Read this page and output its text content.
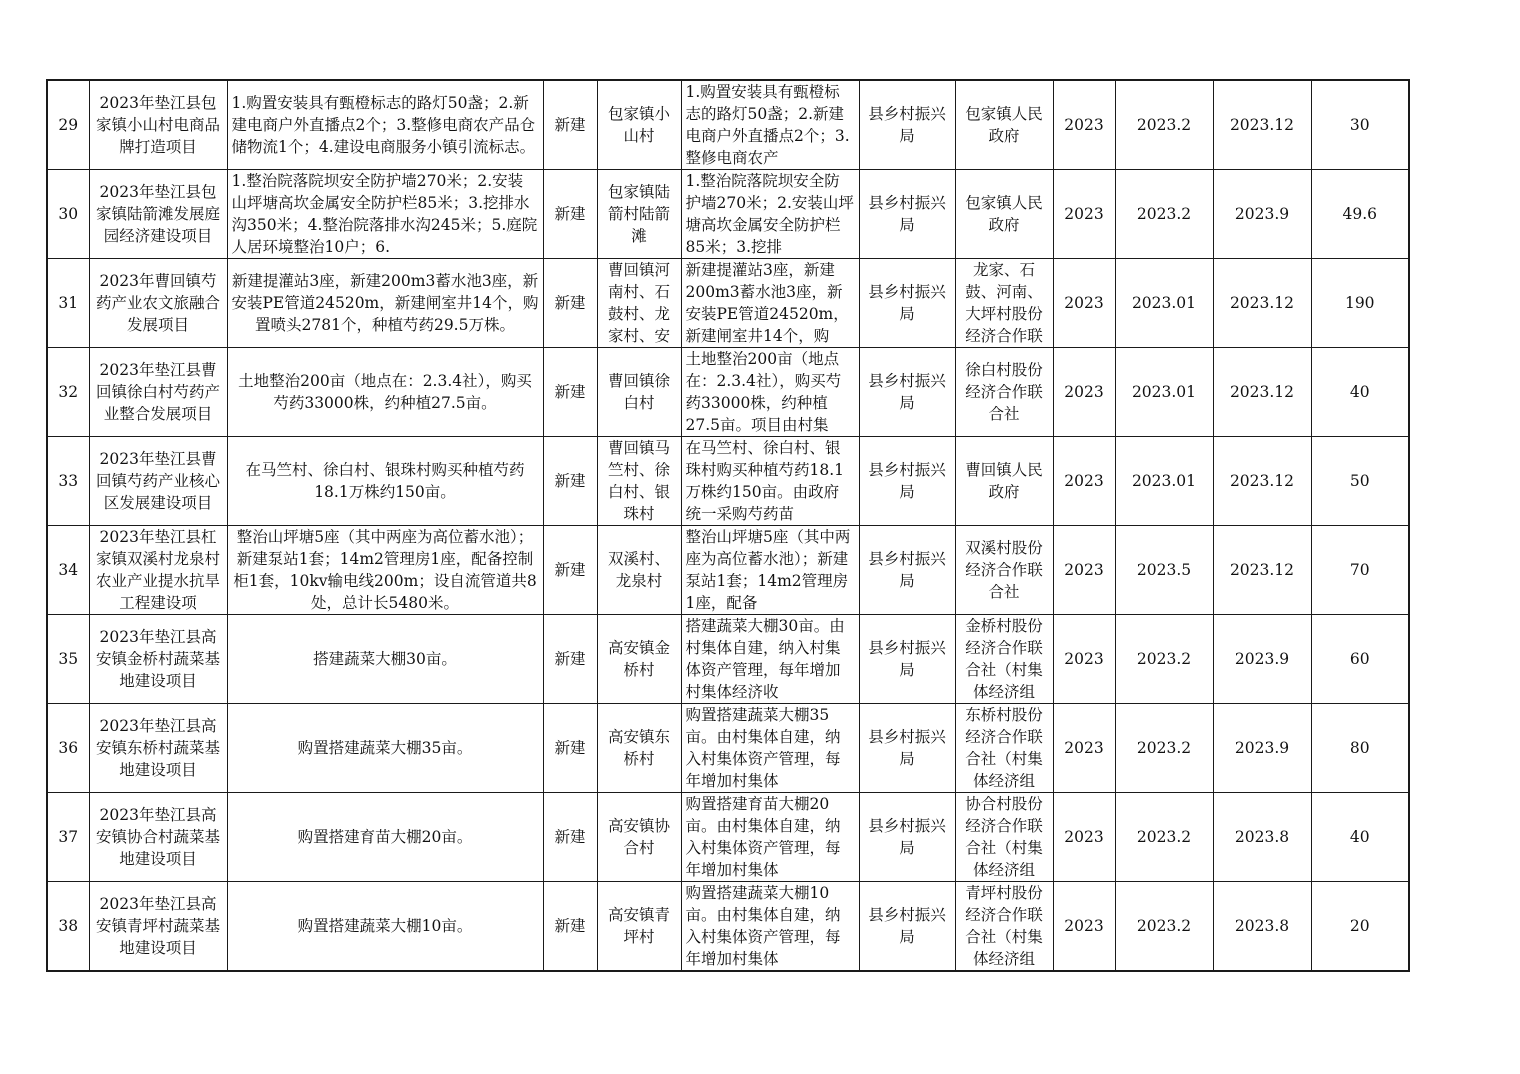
29	2023年垫江县包家镇小山村电商品牌打造项目	1.购置安装具有甄橙标志的路灯50盏；2.新建电商户外直播点2个；3.整修电商农产品仓储物流1个；4.建设电商服务小镇引流标志。	新建	包家镇小山村	1.购置安装具有甄橙标志的路灯50盏；2.新建电商户外直播点2个；3.整修电商农产	县乡村振兴局	包家镇人民政府	2023	2023.2	2023.12	30

30	2023年垫江县包家镇陆箭滩发展庭园经济建设项目	1.整治院落院坝安全防护墙270米；2.安装山坪塘高坎金属安全防护栏85米；3.挖排水沟350米；4.整治院落排水沟245米；5.庭院人居环境整治10户；6.	新建	包家镇陆箭村陆箭滩	1.整治院落院坝安全防护墙270米；2.安装山坪塘高坎金属安全防护栏85米；3.挖排	县乡村振兴局	包家镇人民政府	2023	2023.2	2023.9	49.6

31	2023年曹回镇芍药产业农文旅融合发展项目	新建提灌站3座，新建200m3蓄水池3座，新安装PE管道24520m，新建闸室井14个，购置喷头2781个，种植芍药29.5万株。	新建	曹回镇河南村、石鼓村、龙家村、安	新建提灌站3座，新建200m3蓄水池3座，新安装PE管道24520m，新建闸室井14个，购	县乡村振兴局	龙家、石鼓、河南、大坪村股份经济合作联	2023	2023.01	2023.12	190

32	2023年垫江县曹回镇徐白村芍药产业整合发展项目	土地整治200亩（地点在：2.3.4社），购买芍药33000株，约种植27.5亩。	新建	曹回镇徐白村	土地整治200亩（地点在：2.3.4社），购买芍药33000株，约种植27.5亩。项目由村集	县乡村振兴局	徐白村股份经济合作联合社	2023	2023.01	2023.12	40

33	2023年垫江县曹回镇芍药产业核心区发展建设项目	在马竺村、徐白村、银珠村购买种植芍药18.1万株约150亩。	新建	曹回镇马竺村、徐白村、银珠村	在马竺村、徐白村、银珠村购买种植芍药18.1万株约150亩。由政府统一采购芍药苗	县乡村振兴局	曹回镇人民政府	2023	2023.01	2023.12	50

34	2023年垫江县杠家镇双溪村龙泉村农业产业提水抗旱工程建设项	整治山坪塘5座（其中两座为高位蓄水池）；新建泵站1套；14m2管理房1座，配备控制柜1套，10kv输电线200m；设自流管道共8处，总计长5480米。	新建	双溪村、龙泉村	整治山坪塘5座（其中两座为高位蓄水池）；新建泵站1套；14m2管理房1座，配备	县乡村振兴局	双溪村股份经济合作联合社	2023	2023.5	2023.12	70

35	2023年垫江县高安镇金桥村蔬菜基地建设项目	搭建蔬菜大棚30亩。	新建	高安镇金桥村	搭建蔬菜大棚30亩。由村集体自建，纳入村集体资产管理，每年增加村集体经济收	县乡村振兴局	金桥村股份经济合作联合社（村集体经济组	2023	2023.2	2023.9	60

36	2023年垫江县高安镇东桥村蔬菜基地建设项目	购置搭建蔬菜大棚35亩。	新建	高安镇东桥村	购置搭建蔬菜大棚35亩。由村集体自建，纳入村集体资产管理，每年增加村集体	县乡村振兴局	东桥村股份经济合作联合社（村集体经济组	2023	2023.2	2023.9	80

37	2023年垫江县高安镇协合村蔬菜基地建设项目	购置搭建育苗大棚20亩。	新建	高安镇协合村	购置搭建育苗大棚20亩。由村集体自建，纳入村集体资产管理，每年增加村集体	县乡村振兴局	协合村股份经济合作联合社（村集体经济组	2023	2023.2	2023.8	40

38	2023年垫江县高安镇青坪村蔬菜基地建设项目	购置搭建蔬菜大棚10亩。	新建	高安镇青坪村	购置搭建蔬菜大棚10亩。由村集体自建，纳入村集体资产管理，每年增加村集体	县乡村振兴局	青坪村股份经济合作联合社（村集体经济组	2023	2023.2	2023.8	20
